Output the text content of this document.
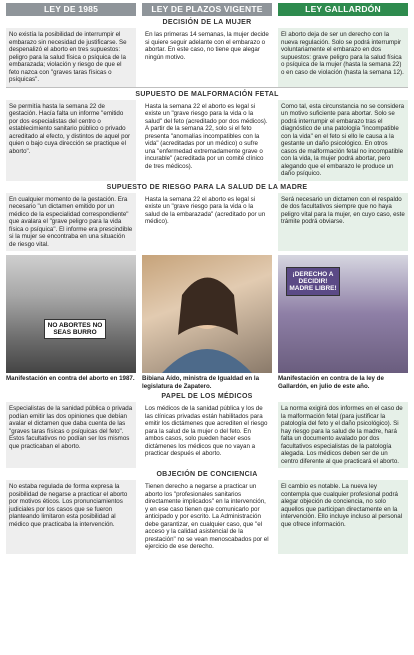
LEY DE 1985	LEY DE PLAZOS VIGENTE	LEY GALLARDÓN
DECISIÓN DE LA MUJER
No existía la posibilidad de interrumpir el embarazo sin necesidad de justificarse. Se despenalizó el aborto en tres supuestos: peligro para la salud física o psíquica de la embarazada; violación y riesgo de que el feto nazca con "graves taras físicas o psíquicas".
En las primeras 14 semanas, la mujer decide si quiere seguir adelante con el embarazo o abortar. En este caso, no tiene que alegar ningún motivo.
El aborto deja de ser un derecho con la nueva regulación. Solo se podrá interrumpir voluntariamente el embarazo en dos supuestos: grave peligro para la salud física o psíquica de la mujer (hasta la semana 22) o en caso de violación (hasta la semana 12).
SUPUESTO DE MALFORMACIÓN FETAL
Se permitía hasta la semana 22 de gestación. Hacía falta un informe "emitido por dos especialistas del centro o establecimiento sanitario público o privado acreditado al efecto, y distintos de aquel por quien o bajo cuya dirección se practique el aborto".
Hasta la semana 22 el aborto es legal si existe un "grave riesgo para la vida o la salud" del feto (acreditado por dos médicos).
A partir de la semana 22, solo si el feto presenta "anomalías incompatibles con la vida" (acreditadas por un médico) o sufre una "enfermedad extremadamente grave o incurable" (acreditada por un comité clínico de tres médicos).
Como tal, esta circunstancia no se considera un motivo suficiente para abortar. Solo se podrá interrumpir el embarazo tras el diagnóstico de una patología "incompatible con la vida" en el feto si ello le causa a la gestante un daño psicológico. En otros casos de malformación fetal no incompatible con la vida, la mujer podrá abortar, pero alegando que el embarazo le produce un daño psíquico.
SUPUESTO DE RIESGO PARA LA SALUD DE LA MADRE
En cualquier momento de la gestación. Era necesario "un dictamen emitido por un médico de la especialidad correspondiente" que avalara el "grave peligro para la vida física o psíquica". El informe era prescindible si la mujer se encontraba en una situación de riesgo vital.
Hasta la semana 22 el aborto es legal si existe un "grave riesgo para la vida o la salud de la embarazada" (acreditado por un médico).
Será necesario un dictamen con el respaldo de dos facultativos siempre que no haya peligro vital para la mujer, en cuyo caso, este trámite podrá obviarse.
NO ABORTES NO SEAS BURRO
¡DERECHO A DECIDIR! MADRE LIBRE!
Manifestación en contra del aborto en 1987. Bibiana Aído, ministra de Igualdad en la legislatura de Zapatero.
Manifestación en contra de la ley de Gallardón, en julio de este año.
PAPEL DE LOS MÉDICOS
Especialistas de la sanidad pública o privada podían emitir las dos opiniones que debían avalar el dictamen que daba cuenta de las "graves taras físicas o psíquicas del feto". Estos facultativos no podían ser los mismos que practicaban el aborto.
Los médicos de la sanidad pública y los de las clínicas privadas están habilitados para emitir los dictámenes que acrediten el riesgo para la salud de la mujer o del feto. En ambos casos, solo pueden hacer esos dictámenes los médicos que no vayan a practicar después el aborto.
La norma exigirá dos informes en el caso de la malformación fetal (para justificar la patología del feto y el daño psicológico). Si hay riesgo para la salud de la madre, hará falta un documento avalado por dos facultativos especialistas de la patología alegada. Los médicos deben ser de un centro diferente al que practicará el aborto.
OBJECIÓN DE CONCIENCIA
No estaba regulada de forma expresa la posibilidad de negarse a practicar el aborto por motivos éticos. Los pronunciamientos judiciales por los casos que se fueron planteando limitaron esta posibilidad al médico que practicaba la intervención.
Tienen derecho a negarse a practicar un aborto los "profesionales sanitarios directamente implicados" en la intervención, y en ese caso tienen que comunicarlo por anticipado y por escrito. La Administración debe garantizar, en cualquier caso, que "el acceso y la calidad asistencial de la prestación" no se vean menoscabados por el ejercicio de ese derecho.
El cambio es notable. La nueva ley contempla que cualquier profesional podrá alegar objeción de conciencia, no solo aquellos que participan directamente en la intervención. Ello incluye incluso al personal que ofrece información.
